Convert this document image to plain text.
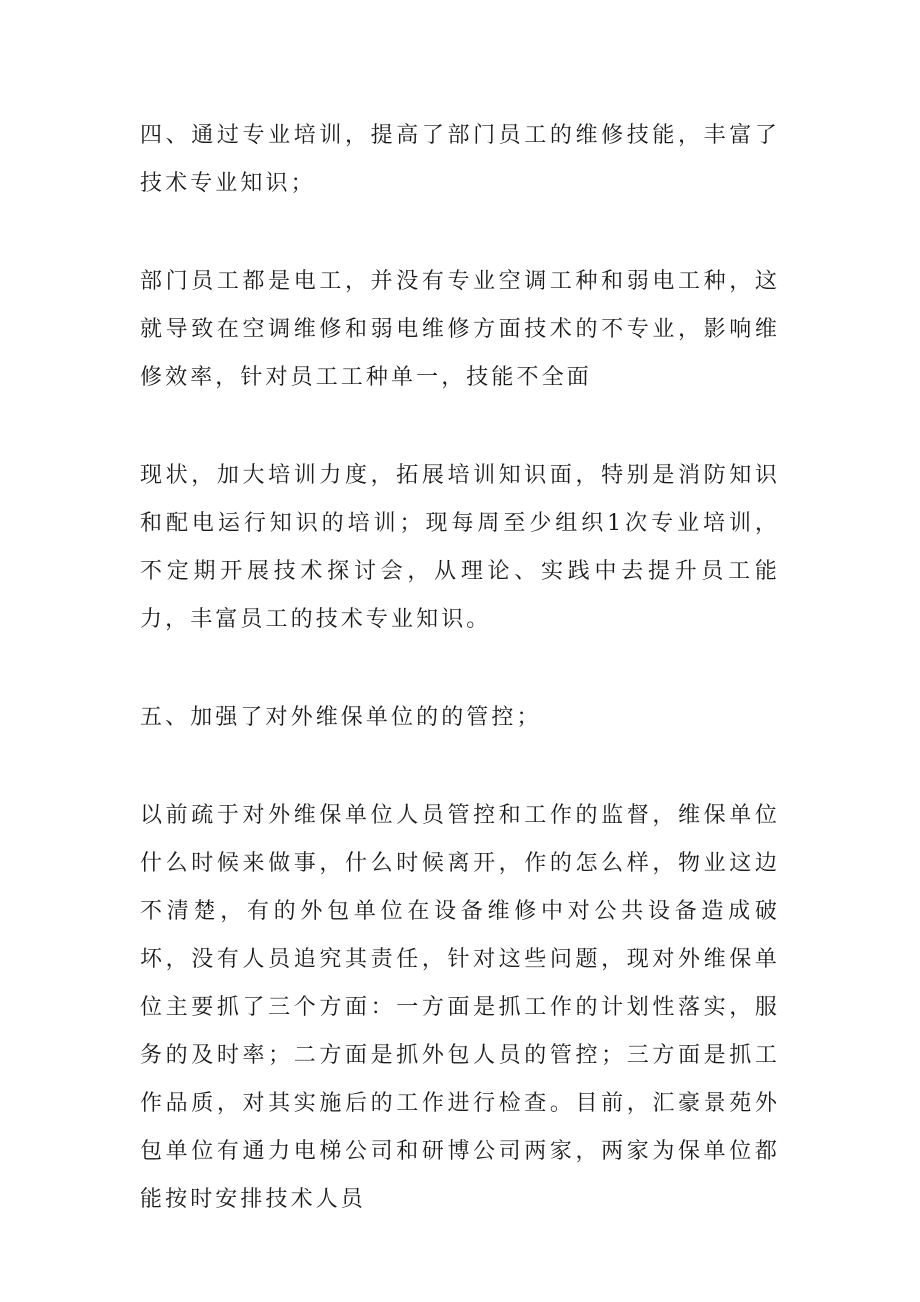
四、通过专业培训，提高了部门员工的维修技能，丰富了技术专业知识；

部门员工都是电工，并没有专业空调工种和弱电工种，这就导致在空调维修和弱电维修方面技术的不专业，影响维修效率，针对员工工种单一，技能不全面

现状，加大培训力度，拓展培训知识面，特别是消防知识和配电运行知识的培训；现每周至少组织1次专业培训，不定期开展技术探讨会，从理论、实践中去提升员工能力，丰富员工的技术专业知识。

五、加强了对外维保单位的的管控；

以前疏于对外维保单位人员管控和工作的监督，维保单位什么时候来做事，什么时候离开，作的怎么样，物业这边不清楚，有的外包单位在设备维修中对公共设备造成破坏，没有人员追究其责任，针对这些问题，现对外维保单位主要抓了三个方面：一方面是抓工作的计划性落实，服务的及时率；二方面是抓外包人员的管控；三方面是抓工作品质，对其实施后的工作进行检查。目前，汇豪景苑外包单位有通力电梯公司和研博公司两家，两家为保单位都能按时安排技术人员
